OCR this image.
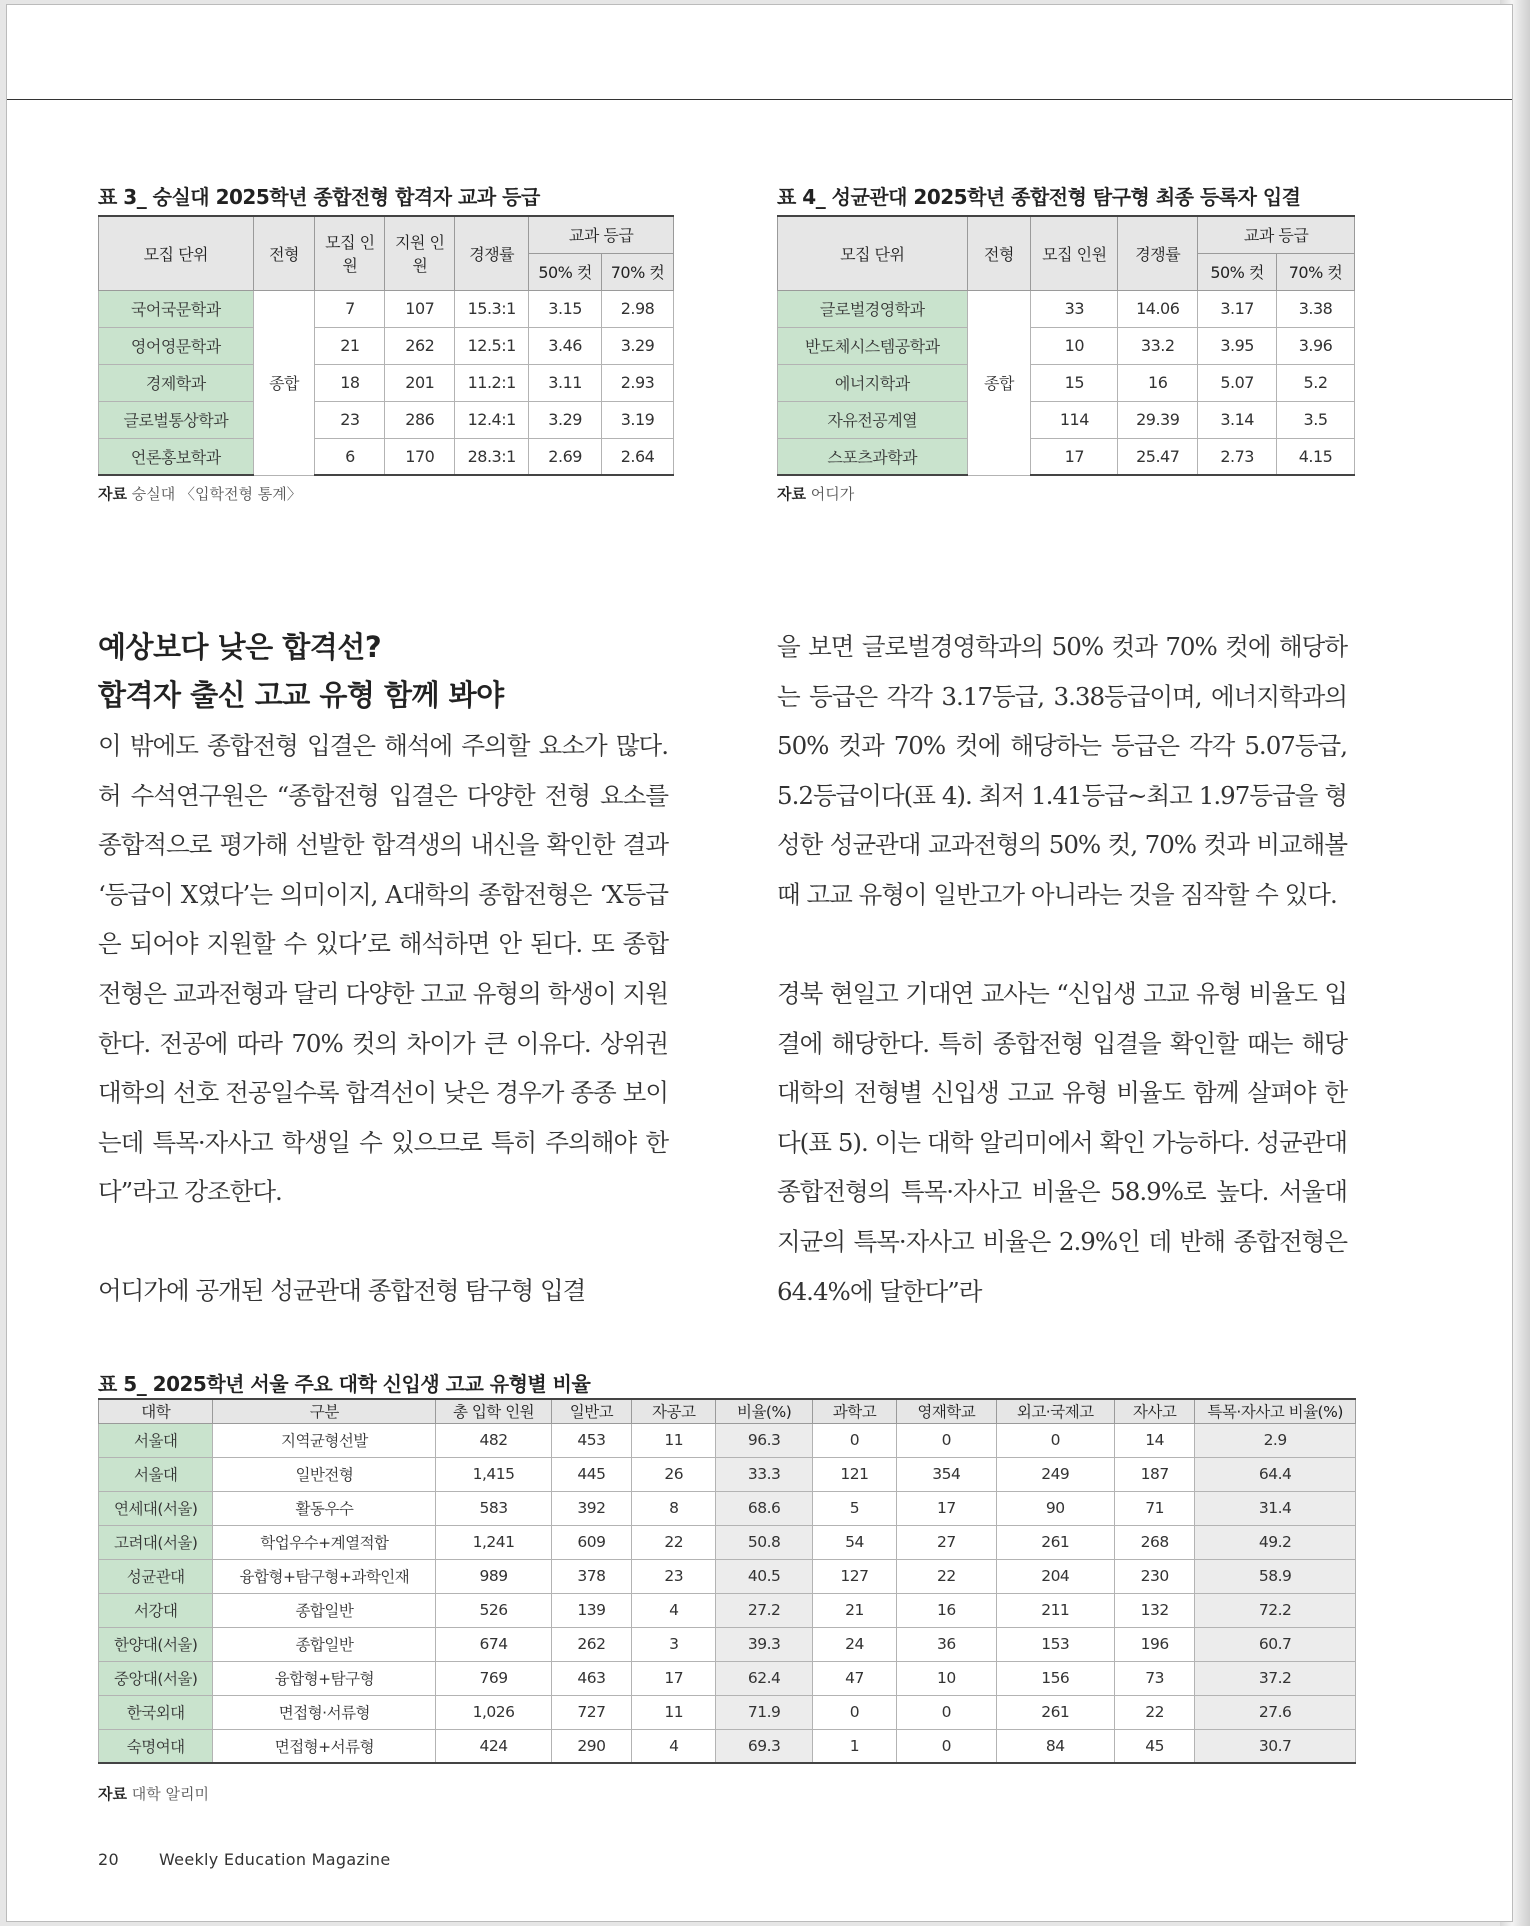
표 3_ 숭실대 2025학년 종합전형 합격자 교과 등급
모집 단위	전형	모집 인원	지원 인원	경쟁률	교과 등급	
					50% 컷	70% 컷
국어국문학과	종합	7	107	15.3:1	3.15	2.98
영어영문학과		21	262	12.5:1	3.46	3.29
경제학과		18	201	11.2:1	3.11	2.93
글로벌통상학과		23	286	12.4:1	3.29	3.19
언론홍보학과		6	170	28.3:1	2.69	2.64
자료 숭실대 〈입학전형 통계〉
표 4_ 성균관대 2025학년 종합전형 탐구형 최종 등록자 입결
모집 단위	전형	모집 인원	경쟁률	교과 등급	
				50% 컷	70% 컷
글로벌경영학과	종합	33	14.06	3.17	3.38
반도체시스템공학과		10	33.2	3.95	3.96
에너지학과		15	16	5.07	5.2
자유전공계열		114	29.39	3.14	3.5
스포츠과학과		17	25.47	2.73	4.15
자료 어디가
예상보다 낮은 합격선?
합격자 출신 고교 유형 함께 봐야

이 밖에도 종합전형 입결은 해석에 주의할 요소가 많다. 허 수석연구원은 “종합전형 입결은 다양한 전형 요소를 종합적으로 평가해 선발한 합격생의 내신을 확인한 결과 ‘등급이 X였다’는 의미이지, A대학의 종합전형은 ‘X등급은 되어야 지원할 수 있다’로 해석하면 안 된다. 또 종합전형은 교과전형과 달리 다양한 고교 유형의 학생이 지원한다. 전공에 따라 70% 컷의 차이가 큰 이유다. 상위권 대학의 선호 전공일수록 합격선이 낮은 경우가 종종 보이는데 특목·자사고 학생일 수 있으므로 특히 주의해야 한다”라고 강조한다.

어디가에 공개된 성균관대 종합전형 탐구형 입결

을 보면 글로벌경영학과의 50% 컷과 70% 컷에 해당하는 등급은 각각 3.17등급, 3.38등급이며, 에너지학과의 50% 컷과 70% 컷에 해당하는 등급은 각각 5.07등급, 5.2등급이다(표 4). 최저 1.41등급~최고 1.97등급을 형성한 성균관대 교과전형의 50% 컷, 70% 컷과 비교해볼 때 고교 유형이 일반고가 아니라는 것을 짐작할 수 있다.

경북 현일고 기대연 교사는 “신입생 고교 유형 비율도 입결에 해당한다. 특히 종합전형 입결을 확인할 때는 해당 대학의 전형별 신입생 고교 유형 비율도 함께 살펴야 한다(표 5). 이는 대학 알리미에서 확인 가능하다. 성균관대 종합전형의 특목·자사고 비율은 58.9%로 높다. 서울대 지균의 특목·자사고 비율은 2.9%인 데 반해 종합전형은 64.4%에 달한다”라

표 5_ 2025학년 서울 주요 대학 신입생 고교 유형별 비율
대학	구분	총 입학 인원	일반고	자공고	비율(%)	과학고	영재학교	외고·국제고	자사고	특목·자사고 비율(%)
서울대	지역균형선발	482	453	11	96.3	0	0	0	14	2.9
서울대	일반전형	1,415	445	26	33.3	121	354	249	187	64.4
연세대(서울)	활동우수	583	392	8	68.6	5	17	90	71	31.4
고려대(서울)	학업우수+계열적합	1,241	609	22	50.8	54	27	261	268	49.2
성균관대	융합형+탐구형+과학인재	989	378	23	40.5	127	22	204	230	58.9
서강대	종합일반	526	139	4	27.2	21	16	211	132	72.2
한양대(서울)	종합일반	674	262	3	39.3	24	36	153	196	60.7
중앙대(서울)	융합형+탐구형	769	463	17	62.4	47	10	156	73	37.2
한국외대	면접형·서류형	1,026	727	11	71.9	0	0	261	22	27.6
숙명여대	면접형+서류형	424	290	4	69.3	1	0	84	45	30.7
자료 대학 알리미
20	Weekly Education Magazine
